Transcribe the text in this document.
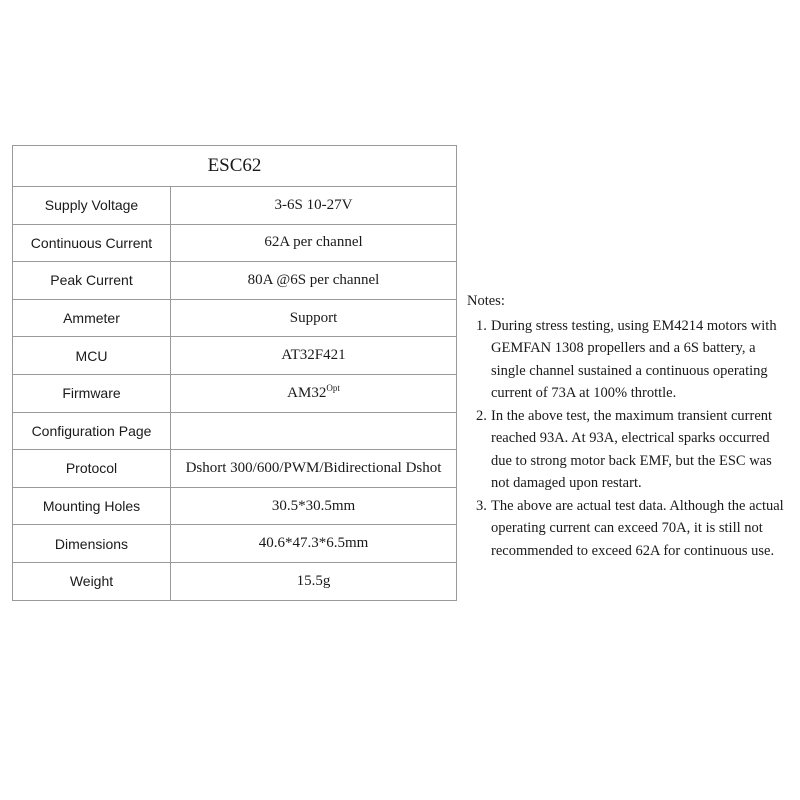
ESC62	
Supply Voltage	3-6S 10-27V
Continuous Current	62A per channel
Peak Current	80A @6S per channel
Ammeter	Support
MCU	AT32F421
Firmware	$AM32^{Opt}$
Configuration Page	
Protocol	Dshort 300/600/PWM/Bidirectional Dshot
Mounting Holes	30.5*30.5mm
Dimensions	40.6*47.3*6.5mm
Weight	15.5g
Notes:
1. During stress testing, using EM4214 motors with GEMFAN 1308 propellers and a 6S battery, a single channel sustained a continuous operating current of 73A at 100% throttle.
2. In the above test, the maximum transient current reached 93A. At 93A, electrical sparks occurred due to strong motor back EMF, but the ESC was not damaged upon restart.
3. The above are actual test data. Although the actual operating current can exceed 70A, it is still not recommended to exceed 62A for continuous use.
